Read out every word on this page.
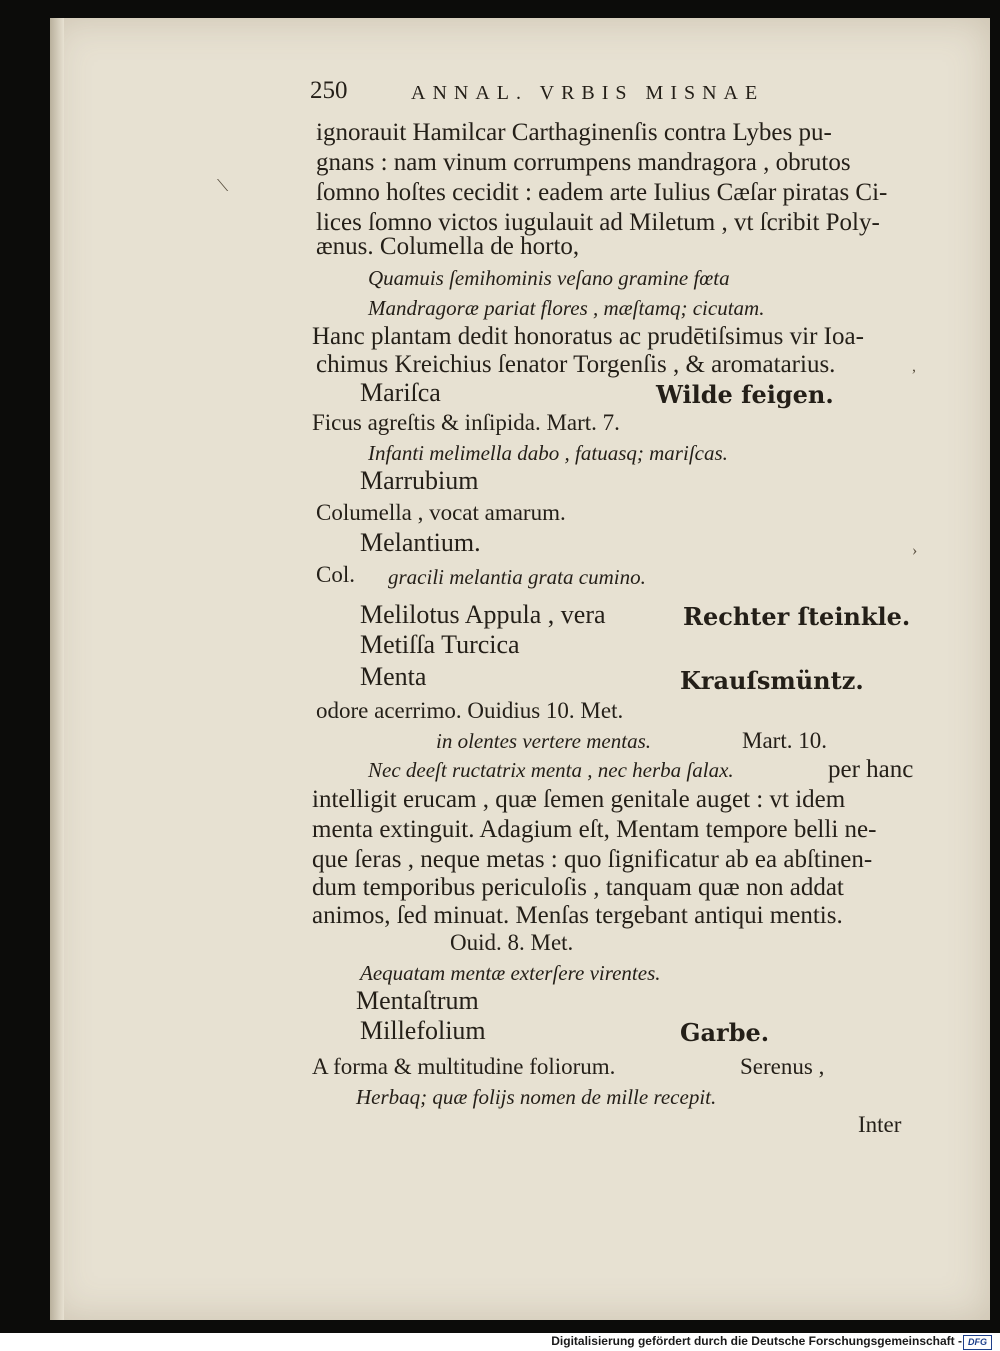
⟍
›
,
250	ANNAL. VRBIS MISNAE
ignorauit Hamilcar Carthaginenſis contra Lybes pu-
gnans : nam vinum corrumpens mandragora , obrutos
ſomno hoſtes cecidit : eadem arte Iulius Cæſar piratas Ci-
lices ſomno victos iugulauit ad Miletum , vt ſcribit Poly-
ænus. Columella de horto,
Quamuis ſemihominis veſano gramine fœta
Mandragoræ pariat flores , mæſtamq; cicutam.
Hanc plantam dedit honoratus ac prudētiſsimus vir Ioa-
chimus Kreichius ſenator Torgenſis , & aromatarius.
Mariſca	Wilde feigen.
Ficus agreſtis & inſipida. Mart. 7.
Infanti melimella dabo , fatuasq; mariſcas.
Marrubium
Columella , vocat amarum.
Melantium.
Col. gracili melantia grata cumino.
Melilotus Appula , vera	Rechter ſteinkle.
Metiſſa Turcica
Menta	Krauſsmüntz.
odore acerrimo. Ouidius 10. Met.
in olentes vertere mentas.	Mart. 10.
Nec deeſt ructatrix menta , nec herba ſalax.	per hanc
intelligit erucam , quæ ſemen genitale auget : vt idem
menta extinguit. Adagium eſt, Mentam tempore belli ne-
que ſeras , neque metas : quo ſignificatur ab ea abſtinen-
dum temporibus periculoſis , tanquam quæ non addat
animos, ſed minuat. Menſas tergebant antiqui mentis.
Ouid. 8. Met.
Aequatam mentæ exterſere virentes.
Mentaſtrum
Millefolium	Garbe.
A forma & multitudine foliorum.	Serenus ,
Herbaq; quæ folijs nomen de mille recepit.
Inter
Digitalisierung gefördert durch die Deutsche Forschungsgemeinschaft - DFG
